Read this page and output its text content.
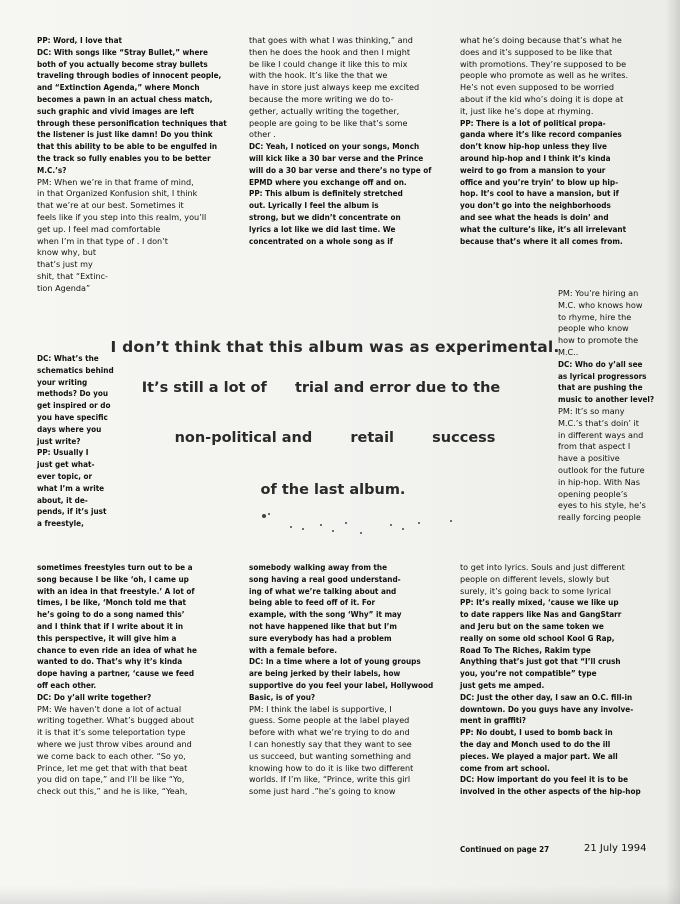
PP: Word, I love that

DC: With songs like “Stray Bullet,” where

both of you actually become stray bullets

traveling through bodies of innocent people,

and “Extinction Agenda,” where Monch

becomes a pawn in an actual chess match,

such graphic and vivid images are left

through these personification techniques that

the listener is just like damn! Do you think

that this ability to be able to be engulfed in

the track so fully enables you to be better

M.C.’s?

PM: When we’re in that frame of mind,

in that Organized Konfusion shit, I think

that we’re at our best. Sometimes it

feels like if you step into this realm, you’ll

get up. I feel mad comfortable

when I’m in that type of . I don’t

know why, but

that’s just my

shit, that “Extinc-

tion Agenda”

DC: What’s the

schematics behind

your writing

methods? Do you

get inspired or do

you have specific

days where you

just write?

PP: Usually I

just get what-

ever topic, or

what I’m a write

about, it de-

pends, if it’s just

a freestyle,

sometimes freestyles turn out to be a

song because I be like ‘oh, I came up

with an idea in that freestyle.’ A lot of

times, I be like, ‘Monch told me that

he’s going to do a song named this’

and I think that if I write about it in

this perspective, it will give him a

chance to even ride an idea of what he

wanted to do. That’s why it’s kinda

dope having a partner, ‘cause we feed

off each other.

DC: Do y’all write together?

PM: We haven’t done a lot of actual

writing together. What’s bugged about

it is that it’s some teleportation type

where we just throw vibes around and

we come back to each other. “So yo,

Prince, let me get that with that beat

you did on tape,” and I’ll be like “Yo,

check out this,” and he is like, “Yeah,

that goes with what I was thinking,” and

then he does the hook and then I might

be like I could change it like this to mix

with the hook. It’s like the that we

have in store just always keep me excited

because the more writing we do to-

gether, actually writing the together,

people are going to be like that’s some

other .

DC: Yeah, I noticed on your songs, Monch

will kick like a 30 bar verse and the Prince

will do a 30 bar verse and there’s no type of

EPMD where you exchange off and on.

PP: This album is definitely stretched

out. Lyrically I feel the album is

strong, but we didn’t concentrate on

lyrics a lot like we did last time. We

concentrated on a whole song as if

somebody walking away from the

song having a real good understand-

ing of what we’re talking about and

being able to feed off of it. For

example, with the song ‘Why” it may

not have happened like that but I’m

sure everybody has had a problem

with a female before.

DC: In a time where a lot of young groups

are being jerked by their labels, how

supportive do you feel your label, Hollywood

Basic, is of you?

PM: I think the label is supportive, I

guess. Some people at the label played

before with what we’re trying to do and

I can honestly say that they want to see

us succeed, but wanting something and

knowing how to do it is like two different

worlds. If I’m like, “Prince, write this girl

some just hard .”he’s going to know

what he’s doing because that’s what he

does and it’s supposed to be like that

with promotions. They’re supposed to be

people who promote as well as he writes.

He’s not even supposed to be worried

about if the kid who’s doing it is dope at

it, just like he’s dope at rhyming.

PP: There is a lot of political propa-

ganda where it’s like record companies

don’t know hip-hop unless they live

around hip-hop and I think it’s kinda

weird to go from a mansion to your

office and you’re tryin’ to blow up hip-

hop. It’s cool to have a mansion, but if

you don’t go into the neighborhoods

and see what the heads is doin’ and

what the culture’s like, it’s all irrelevant

because that’s where it all comes from.

PM: You’re hiring an

M.C. who knows how

to rhyme, hire the

people who know

how to promote the

M.C..

DC: Who do y’all see

as lyrical progressors

that are pushing the

music to another level?

PM: It’s so many

M.C.’s that’s doin’ it

in different ways and

from that aspect I

have a positive

outlook for the future

in hip-hop. With Nas

opening people’s

eyes to his style, he’s

really forcing people

to get into lyrics. Souls and just different

people on different levels, slowly but

surely, it’s going back to some lyrical

PP: It’s really mixed, ‘cause we like up

to date rappers like Nas and GangStarr

and Jeru but on the same token we

really on some old school Kool G Rap,

Road To The Riches, Rakim type

Anything that’s just got that “I’ll crush

you, you’re not compatible” type

just gets me amped.

DC: Just the other day, I saw an O.C. fill-in

downtown. Do you guys have any involve-

ment in graffiti?

PP: No doubt, I used to bomb back in

the day and Monch used to do the ill

pieces. We played a major part. We all

come from art school.

DC: How important do you feel it is to be

involved in the other aspects of the hip-hop

I don’t think that this album was as experimental.
It’s still a lot of trial and error due to the
non-political and	retail	success
of the last album.
Continued on page 27	21 July 1994
